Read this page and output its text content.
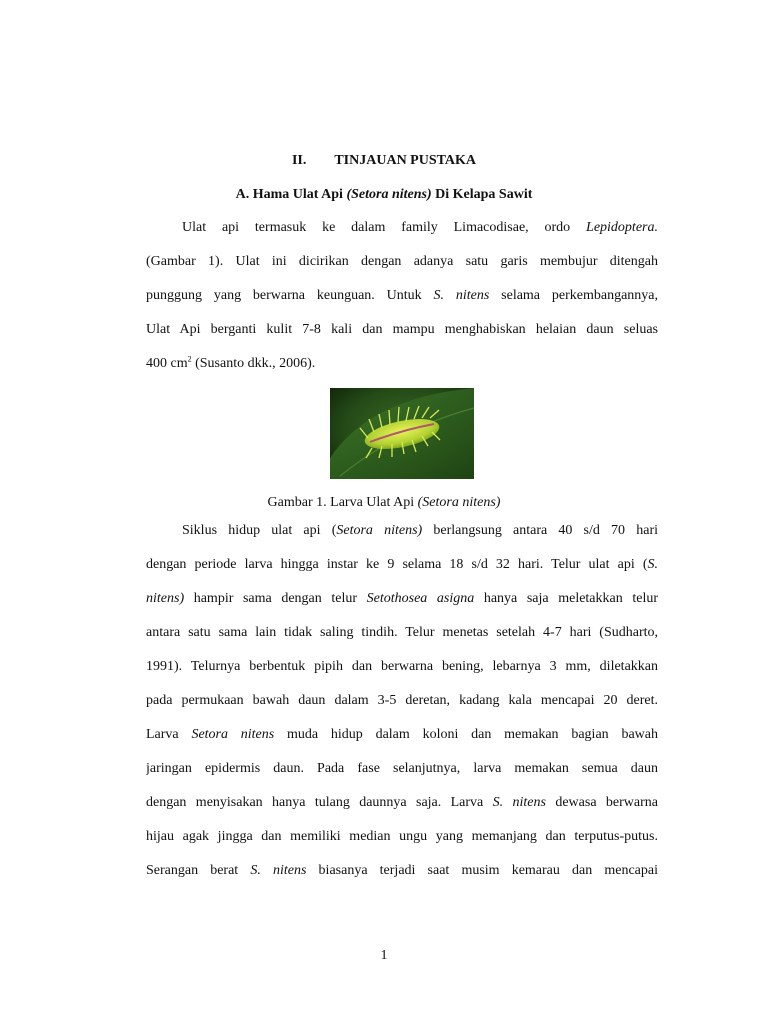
II. TINJAUAN PUSTAKA
A. Hama Ulat Api (Setora nitens) Di Kelapa Sawit
Ulat api termasuk ke dalam family Limacodisae, ordo Lepidoptera.
(Gambar 1). Ulat ini dicirikan dengan adanya satu garis membujur ditengah
punggung yang berwarna keunguan. Untuk S. nitens selama perkembangannya,
Ulat Api berganti kulit 7-8 kali dan mampu menghabiskan helaian daun seluas
400 $cm^2$ (Susanto dkk., 2006).
Gambar 1. Larva Ulat Api (Setora nitens)
Siklus hidup ulat api (Setora nitens) berlangsung antara 40 s/d 70 hari
dengan periode larva hingga instar ke 9 selama 18 s/d 32 hari. Telur ulat api (S.
nitens) hampir sama dengan telur Setothosea asigna hanya saja meletakkan telur
antara satu sama lain tidak saling tindih. Telur menetas setelah 4-7 hari (Sudharto,
1991). Telurnya berbentuk pipih dan berwarna bening, lebarnya 3 mm, diletakkan
pada permukaan bawah daun dalam 3-5 deretan, kadang kala mencapai 20 deret.
Larva Setora nitens muda hidup dalam koloni dan memakan bagian bawah
jaringan epidermis daun. Pada fase selanjutnya, larva memakan semua daun
dengan menyisakan hanya tulang daunnya saja. Larva S. nitens dewasa berwarna
hijau agak jingga dan memiliki median ungu yang memanjang dan terputus-putus.
Serangan berat S. nitens biasanya terjadi saat musim kemarau dan mencapai
1
